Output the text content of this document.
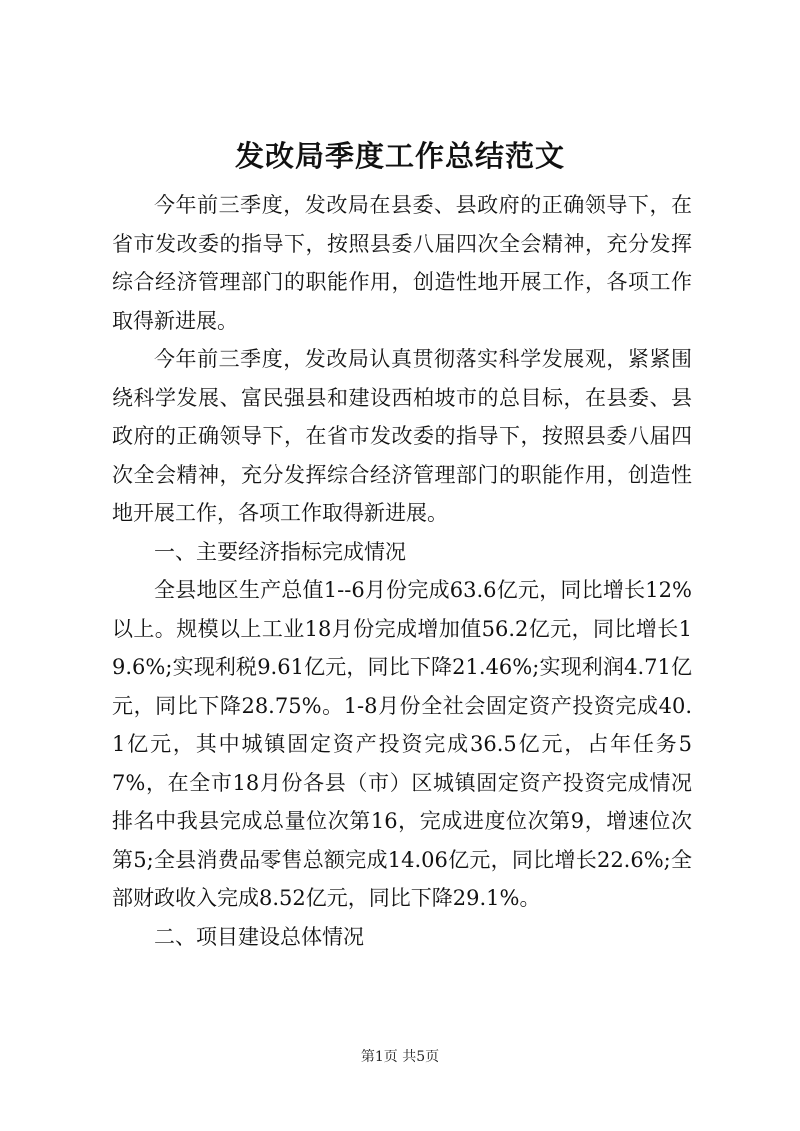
发改局季度工作总结范文

今年前三季度，发改局在县委、县政府的正确领导下，在省市发改委的指导下，按照县委八届四次全会精神，充分发挥综合经济管理部门的职能作用，创造性地开展工作，各项工作取得新进展。

今年前三季度，发改局认真贯彻落实科学发展观，紧紧围绕科学发展、富民强县和建设西柏坡市的总目标，在县委、县政府的正确领导下，在省市发改委的指导下，按照县委八届四次全会精神，充分发挥综合经济管理部门的职能作用，创造性地开展工作，各项工作取得新进展。

一、主要经济指标完成情况

全县地区生产总值1--6月份完成63.6亿元，同比增长12%以上。规模以上工业18月份完成增加值56.2亿元，同比增长19.6%;实现利税9.61亿元，同比下降21.46%;实现利润4.71亿元，同比下降28.75%。1-8月份全社会固定资产投资完成40.1亿元，其中城镇固定资产投资完成36.5亿元，占年任务57%，在全市18月份各县（市）区城镇固定资产投资完成情况排名中我县完成总量位次第16，完成进度位次第9，增速位次第5;全县消费品零售总额完成14.06亿元，同比增长22.6%;全部财政收入完成8.52亿元，同比下降29.1%。

二、项目建设总体情况

第1页 共5页
